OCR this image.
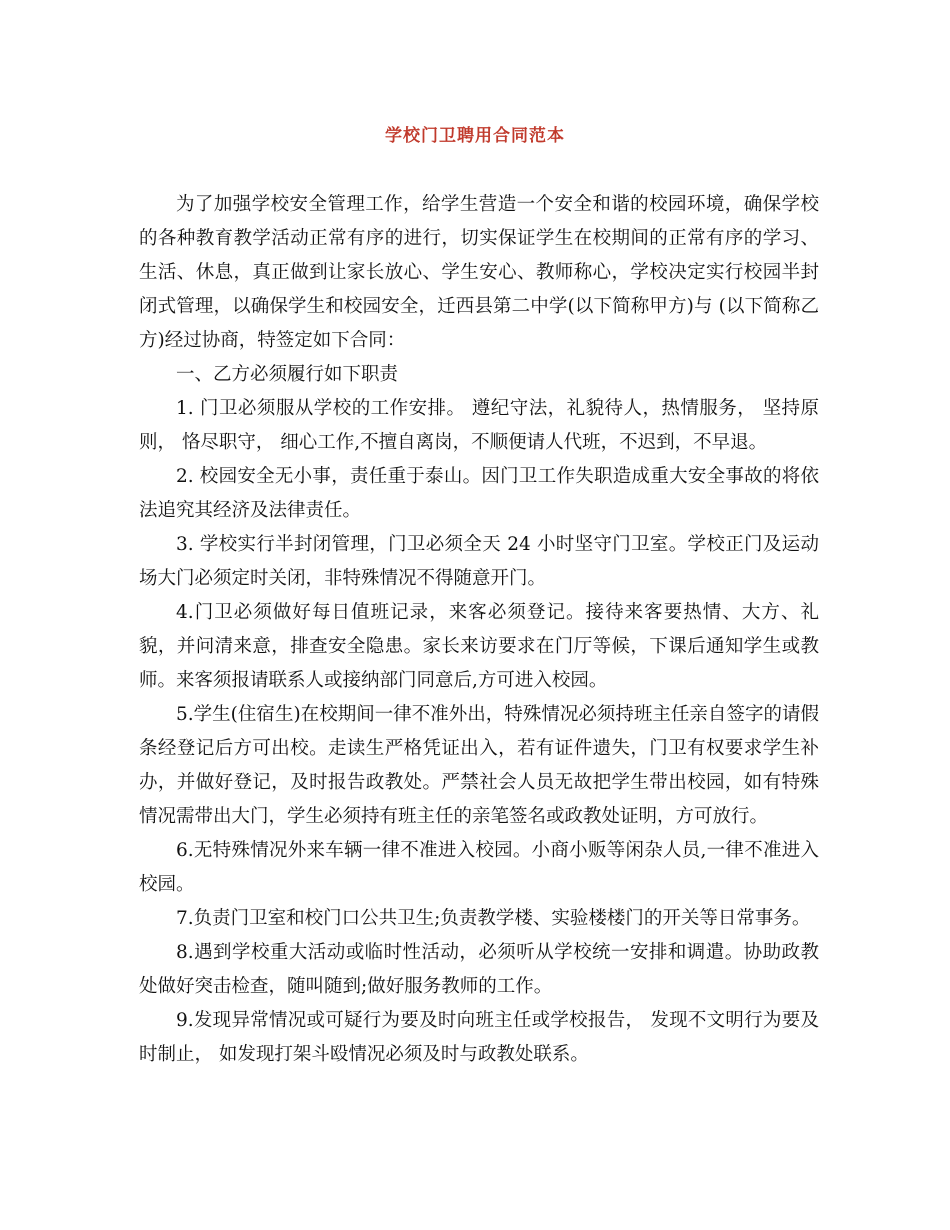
学校门卫聘用合同范本

为了加强学校安全管理工作，给学生营造一个安全和谐的校园环境，确保学校的各种教育教学活动正常有序的进行，切实保证学生在校期间的正常有序的学习、生活、休息，真正做到让家长放心、学生安心、教师称心，学校决定实行校园半封闭式管理，以确保学生和校园安全，迁西县第二中学(以下简称甲方)与 (以下简称乙方)经过协商，特签定如下合同：

一、乙方必须履行如下职责

1. 门卫必须服从学校的工作安排。 遵纪守法，礼貌待人，热情服务， 坚持原则， 恪尽职守， 细心工作,不擅自离岗，不顺便请人代班，不迟到，不早退。

2. 校园安全无小事，责任重于泰山。因门卫工作失职造成重大安全事故的将依法追究其经济及法律责任。

3. 学校实行半封闭管理，门卫必须全天 24 小时坚守门卫室。学校正门及运动场大门必须定时关闭，非特殊情况不得随意开门。

4.门卫必须做好每日值班记录，来客必须登记。接待来客要热情、大方、礼貌，并问清来意，排查安全隐患。家长来访要求在门厅等候，下课后通知学生或教师。来客须报请联系人或接纳部门同意后,方可进入校园。

5.学生(住宿生)在校期间一律不准外出，特殊情况必须持班主任亲自签字的请假条经登记后方可出校。走读生严格凭证出入，若有证件遗失，门卫有权要求学生补办，并做好登记，及时报告政教处。严禁社会人员无故把学生带出校园，如有特殊情况需带出大门，学生必须持有班主任的亲笔签名或政教处证明，方可放行。

6.无特殊情况外来车辆一律不准进入校园。小商小贩等闲杂人员,一律不准进入校园。

7.负责门卫室和校门口公共卫生;负责教学楼、实验楼楼门的开关等日常事务。

8.遇到学校重大活动或临时性活动，必须听从学校统一安排和调遣。协助政教处做好突击检查，随叫随到;做好服务教师的工作。

9.发现异常情况或可疑行为要及时向班主任或学校报告， 发现不文明行为要及时制止， 如发现打架斗殴情况必须及时与政教处联系。
